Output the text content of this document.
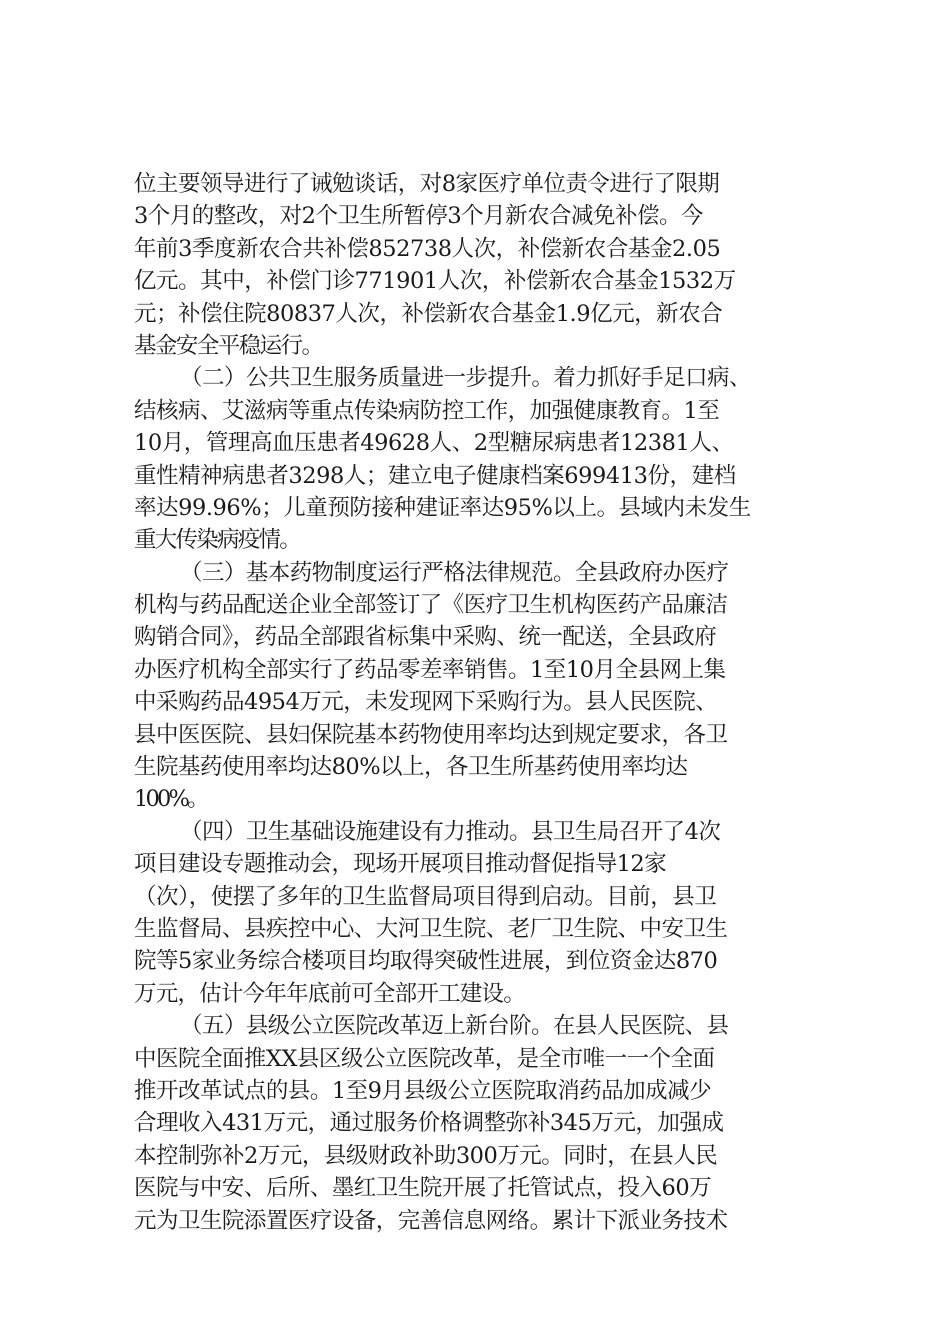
位主要领导进行了诫勉谈话，对8家医疗单位责令进行了限期
3个月的整改，对2个卫生所暂停3个月新农合减免补偿。今
年前3季度新农合共补偿852738人次，补偿新农合基金2.05
亿元。其中，补偿门诊771901人次，补偿新农合基金1532万
元；补偿住院80837人次，补偿新农合基金1.9亿元，新农合
基金安全平稳运行。
（二）公共卫生服务质量进一步提升。着力抓好手足口病、
结核病、艾滋病等重点传染病防控工作，加强健康教育。1至
10月，管理高血压患者49628人、2型糖尿病患者12381人、
重性精神病患者3298人；建立电子健康档案699413份，建档
率达99.96%；儿童预防接种建证率达95%以上。县域内未发生
重大传染病疫情。
（三）基本药物制度运行严格法律规范。全县政府办医疗
机构与药品配送企业全部签订了《医疗卫生机构医药产品廉洁
购销合同》，药品全部跟省标集中采购、统一配送，全县政府
办医疗机构全部实行了药品零差率销售。1至10月全县网上集
中采购药品4954万元，未发现网下采购行为。县人民医院、
县中医医院、县妇保院基本药物使用率均达到规定要求，各卫
生院基药使用率均达80%以上，各卫生所基药使用率均达
100%。
（四）卫生基础设施建设有力推动。县卫生局召开了4次
项目建设专题推动会，现场开展项目推动督促指导12家
（次），使摆了多年的卫生监督局项目得到启动。目前，县卫
生监督局、县疾控中心、大河卫生院、老厂卫生院、中安卫生
院等5家业务综合楼项目均取得突破性进展，到位资金达870
万元，估计今年年底前可全部开工建设。
（五）县级公立医院改革迈上新台阶。在县人民医院、县
中医院全面推XX县区级公立医院改革，是全市唯一一个全面
推开改革试点的县。1至9月县级公立医院取消药品加成减少
合理收入431万元，通过服务价格调整弥补345万元，加强成
本控制弥补2万元，县级财政补助300万元。同时，在县人民
医院与中安、后所、墨红卫生院开展了托管试点，投入60万
元为卫生院添置医疗设备，完善信息网络。累计下派业务技术
